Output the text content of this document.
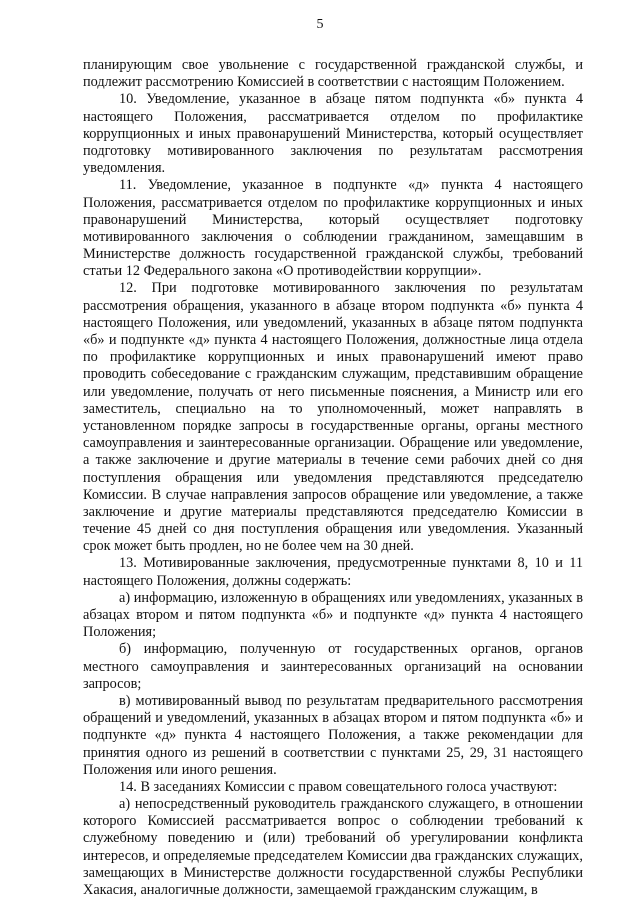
5

планирующим свое увольнение с государственной гражданской службы, и подлежит рассмотрению Комиссией в соответствии с настоящим Положением.

10. Уведомление, указанное в абзаце пятом подпункта «б» пункта 4 настоящего Положения, рассматривается отделом по профилактике коррупционных и иных правонарушений Министерства, который осуществляет подготовку мотивированного заключения по результатам рассмотрения уведомления.

11. Уведомление, указанное в подпункте «д» пункта 4 настоящего Положения, рассматривается отделом по профилактике коррупционных и иных правонарушений Министерства, который осуществляет подготовку мотивированного заключения о соблюдении гражданином, замещавшим в Министерстве должность государственной гражданской службы, требований статьи 12 Федерального закона «О противодействии коррупции».

12. При подготовке мотивированного заключения по результатам рассмотрения обращения, указанного в абзаце втором подпункта «б» пункта 4 настоящего Положения, или уведомлений, указанных в абзаце пятом подпункта «б» и подпункте «д» пункта 4 настоящего Положения, должностные лица отдела по профилактике коррупционных и иных правонарушений имеют право проводить собеседование с гражданским служащим, представившим обращение или уведомление, получать от него письменные пояснения, а Министр или его заместитель, специально на то уполномоченный, может направлять в установленном порядке запросы в государственные органы, органы местного самоуправления и заинтересованные организации. Обращение или уведомление, а также заключение и другие материалы в течение семи рабочих дней со дня поступления обращения или уведомления представляются председателю Комиссии. В случае направления запросов обращение или уведомление, а также заключение и другие материалы представляются председателю Комиссии в течение 45 дней со дня поступления обращения или уведомления. Указанный срок может быть продлен, но не более чем на 30 дней.

13. Мотивированные заключения, предусмотренные пунктами 8, 10 и 11 настоящего Положения, должны содержать:

а) информацию, изложенную в обращениях или уведомлениях, указанных в абзацах втором и пятом подпункта «б» и подпункте «д» пункта 4 настоящего Положения;

б) информацию, полученную от государственных органов, органов местного самоуправления и заинтересованных организаций на основании запросов;

в) мотивированный вывод по результатам предварительного рассмотрения обращений и уведомлений, указанных в абзацах втором и пятом подпункта «б» и подпункте «д» пункта 4 настоящего Положения, а также рекомендации для принятия одного из решений в соответствии с пунктами 25, 29, 31 настоящего Положения или иного решения.

14. В заседаниях Комиссии с правом совещательного голоса участвуют:

а) непосредственный руководитель гражданского служащего, в отношении которого Комиссией рассматривается вопрос о соблюдении требований к служебному поведению и (или) требований об урегулировании конфликта интересов, и определяемые председателем Комиссии два гражданских служащих, замещающих в Министерстве должности государственной службы Республики Хакасия, аналогичные должности, замещаемой гражданским служащим, в
